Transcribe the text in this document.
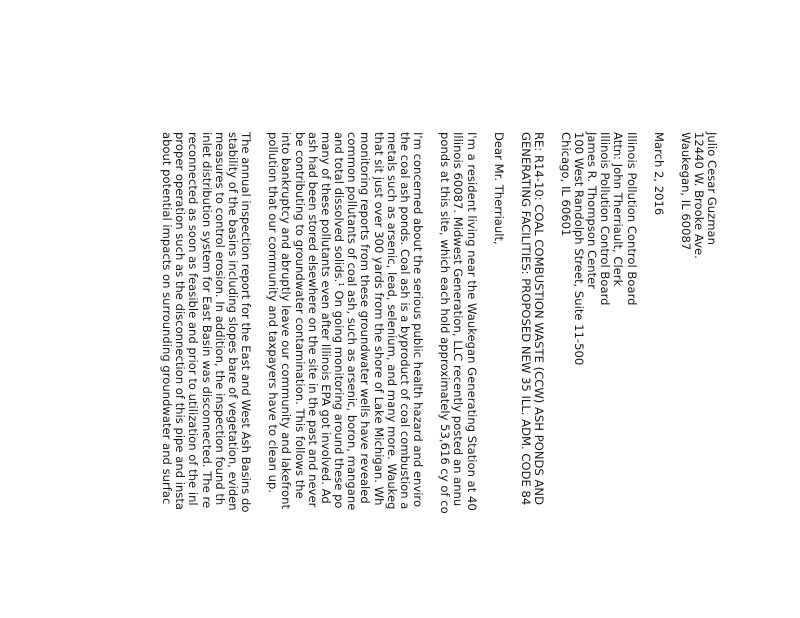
Julio Cesar Guzman
12440 W. Brooke Ave.
Waukegan, IL 60087
March 2, 2016
Illinois Pollution Control Board
Attn: John Therriault, Clerk
Illinois Pollution Control Board
James R. Thompson Center
100 West Randolph Street, Suite 11-500
Chicago, IL 60601
RE: R14-10: COAL COMBUSTION WASTE (CCW) ASH PONDS AND
GENERATING FACILITIES: PROPOSED NEW 35 ILL. ADM. CODE 84
Dear Mr. Therriault,
I'm a resident living near the Waukegan Generating Station at 40
Illinois 60087. Midwest Generation, LLC recently posted an annu
ponds at this site, which each hold approximately 53,616 cy of co
I'm concerned about the serious public health hazard and enviro
the coal ash ponds. Coal ash is a byproduct of coal combustion a
metals such as arsenic, lead, selenium, and many more. Waukeg
that sit just over 300 yards from the shore of Lake Michigan. Wh
monitoring reports from these groundwater wells have revealed
common pollutants of coal ash, such as arsenic, boron, mangane
and total dissolved solids.$^1$ On going monitoring around these po
many of these pollutants even after Illinois EPA got involved. Ad
ash had been stored elsewhere on the site in the past and never
be contributing to groundwater contamination. This follows the
into bankruptcy and abruptly leave our community and lakefront
pollution that our community and taxpayers have to clean up.
The annual inspection report for the East and West Ash Basins do
stability of the basins including slopes bare of vegetation, eviden
measures to control erosion. In addition, the inspection found th
inlet distribution system for East Basin was disconnected. The re
reconnected as soon as feasible and prior to utilization of the inl
proper operation such as the disconnection of this pipe and insta
about potential impacts on surrounding groundwater and surfac
